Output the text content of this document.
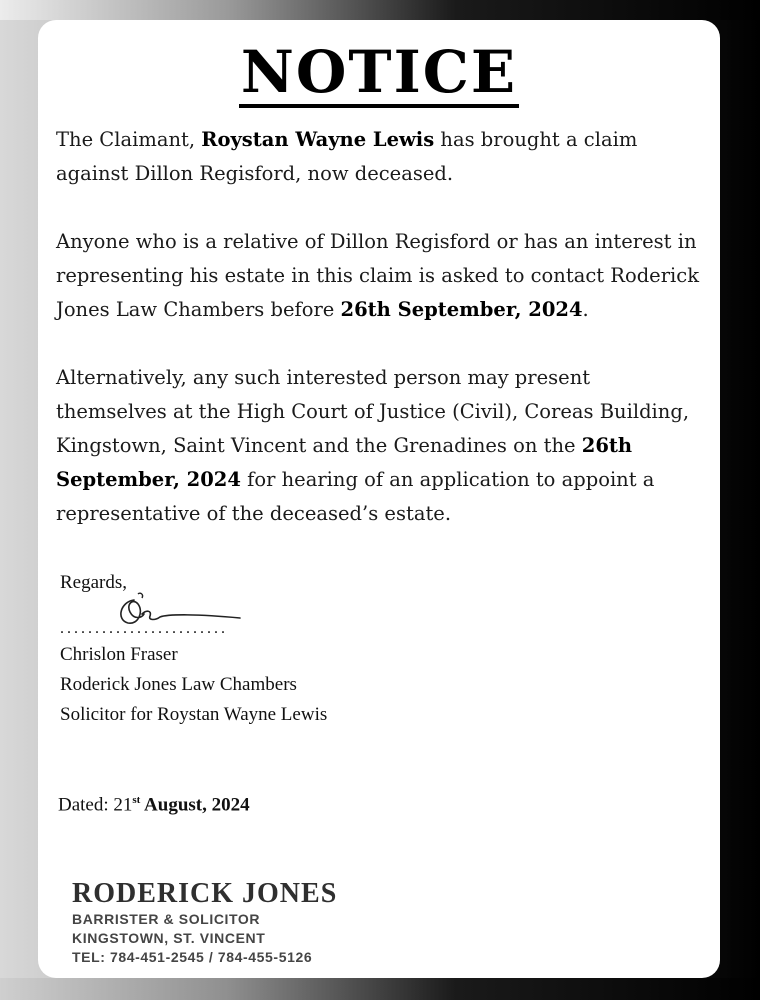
NOTICE
The Claimant, Roystan Wayne Lewis has brought a claim against Dillon Regisford, now deceased.
Anyone who is a relative of Dillon Regisford or has an interest in representing his estate in this claim is asked to contact Roderick Jones Law Chambers before 26th September, 2024.
Alternatively, any such interested person may present themselves at the High Court of Justice (Civil), Coreas Building, Kingstown, Saint Vincent and the Grenadines on the 26th September, 2024 for hearing of an application to appoint a representative of the deceased’s estate.
Regards,
........................
Chrislon Fraser
Roderick Jones Law Chambers
Solicitor for Roystan Wayne Lewis
Dated: 21st August, 2024
RODERICK JONES
BARRISTER & SOLICITOR
KINGSTOWN, ST. VINCENT
TEL: 784-451-2545 / 784-455-5126
